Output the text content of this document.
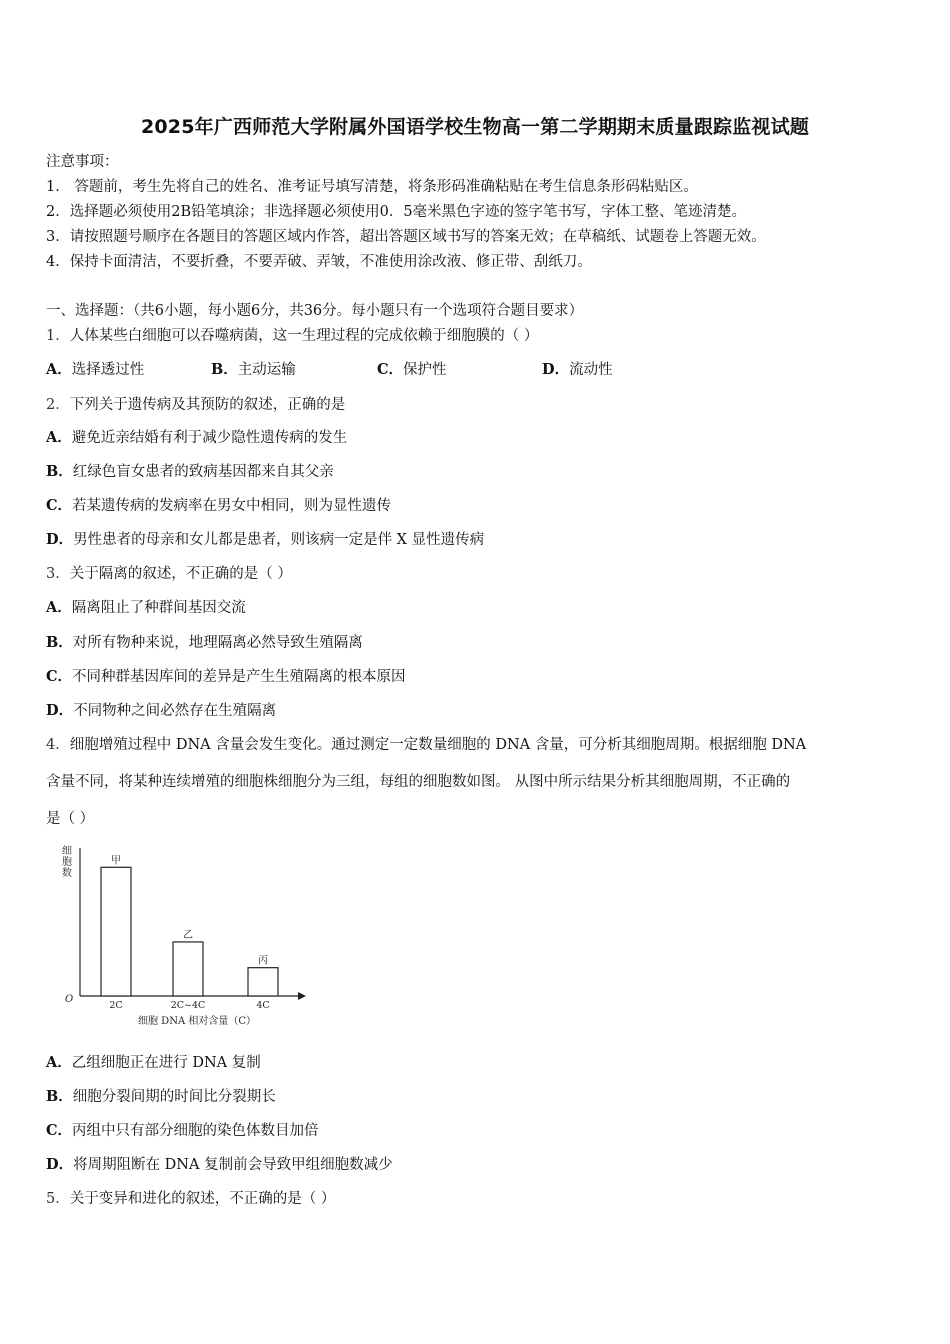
2025年广西师范大学附属外国语学校生物高一第二学期期末质量跟踪监视试题
注意事项：
1． 答题前，考生先将自己的姓名、准考证号填写清楚，将条形码准确粘贴在考生信息条形码粘贴区。
2．选择题必须使用2B铅笔填涂；非选择题必须使用0．5毫米黑色字迹的签字笔书写，字体工整、笔迹清楚。
3．请按照题号顺序在各题目的答题区域内作答，超出答题区域书写的答案无效；在草稿纸、试题卷上答题无效。
4．保持卡面清洁，不要折叠，不要弄破、弄皱，不准使用涂改液、修正带、刮纸刀。
一、选择题：（共6小题，每小题6分，共36分。每小题只有一个选项符合题目要求）
1．人体某些白细胞可以吞噬病菌，这一生理过程的完成依赖于细胞膜的（ ）
A．选择透过性	B．主动运输	C．保护性	D．流动性
2．下列关于遗传病及其预防的叙述，正确的是
A．避免近亲结婚有利于减少隐性遗传病的发生
B．红绿色盲女患者的致病基因都来自其父亲
C．若某遗传病的发病率在男女中相同，则为显性遗传
D．男性患者的母亲和女儿都是患者，则该病一定是伴 X 显性遗传病
3．关于隔离的叙述，不正确的是（ ）
A．隔离阻止了种群间基因交流
B．对所有物种来说，地理隔离必然导致生殖隔离
C．不同种群基因库间的差异是产生生殖隔离的根本原因
D．不同物种之间必然存在生殖隔离
4．细胞增殖过程中 DNA 含量会发生变化。通过测定一定数量细胞的 DNA 含量，可分析其细胞周期。根据细胞 DNA
含量不同，将某种连续增殖的细胞株细胞分为三组，每组的细胞数如图。 从图中所示结果分析其细胞周期，不正确的
是（ ）
细胞数
O
细胞 DNA 相对含量（C）
甲
2C
乙
2C~4C
丙
4C
A．乙组细胞正在进行 DNA 复制
B．细胞分裂间期的时间比分裂期长
C．丙组中只有部分细胞的染色体数目加倍
D．将周期阻断在 DNA 复制前会导致甲组细胞数减少
5．关于变异和进化的叙述，不正确的是（ ）
